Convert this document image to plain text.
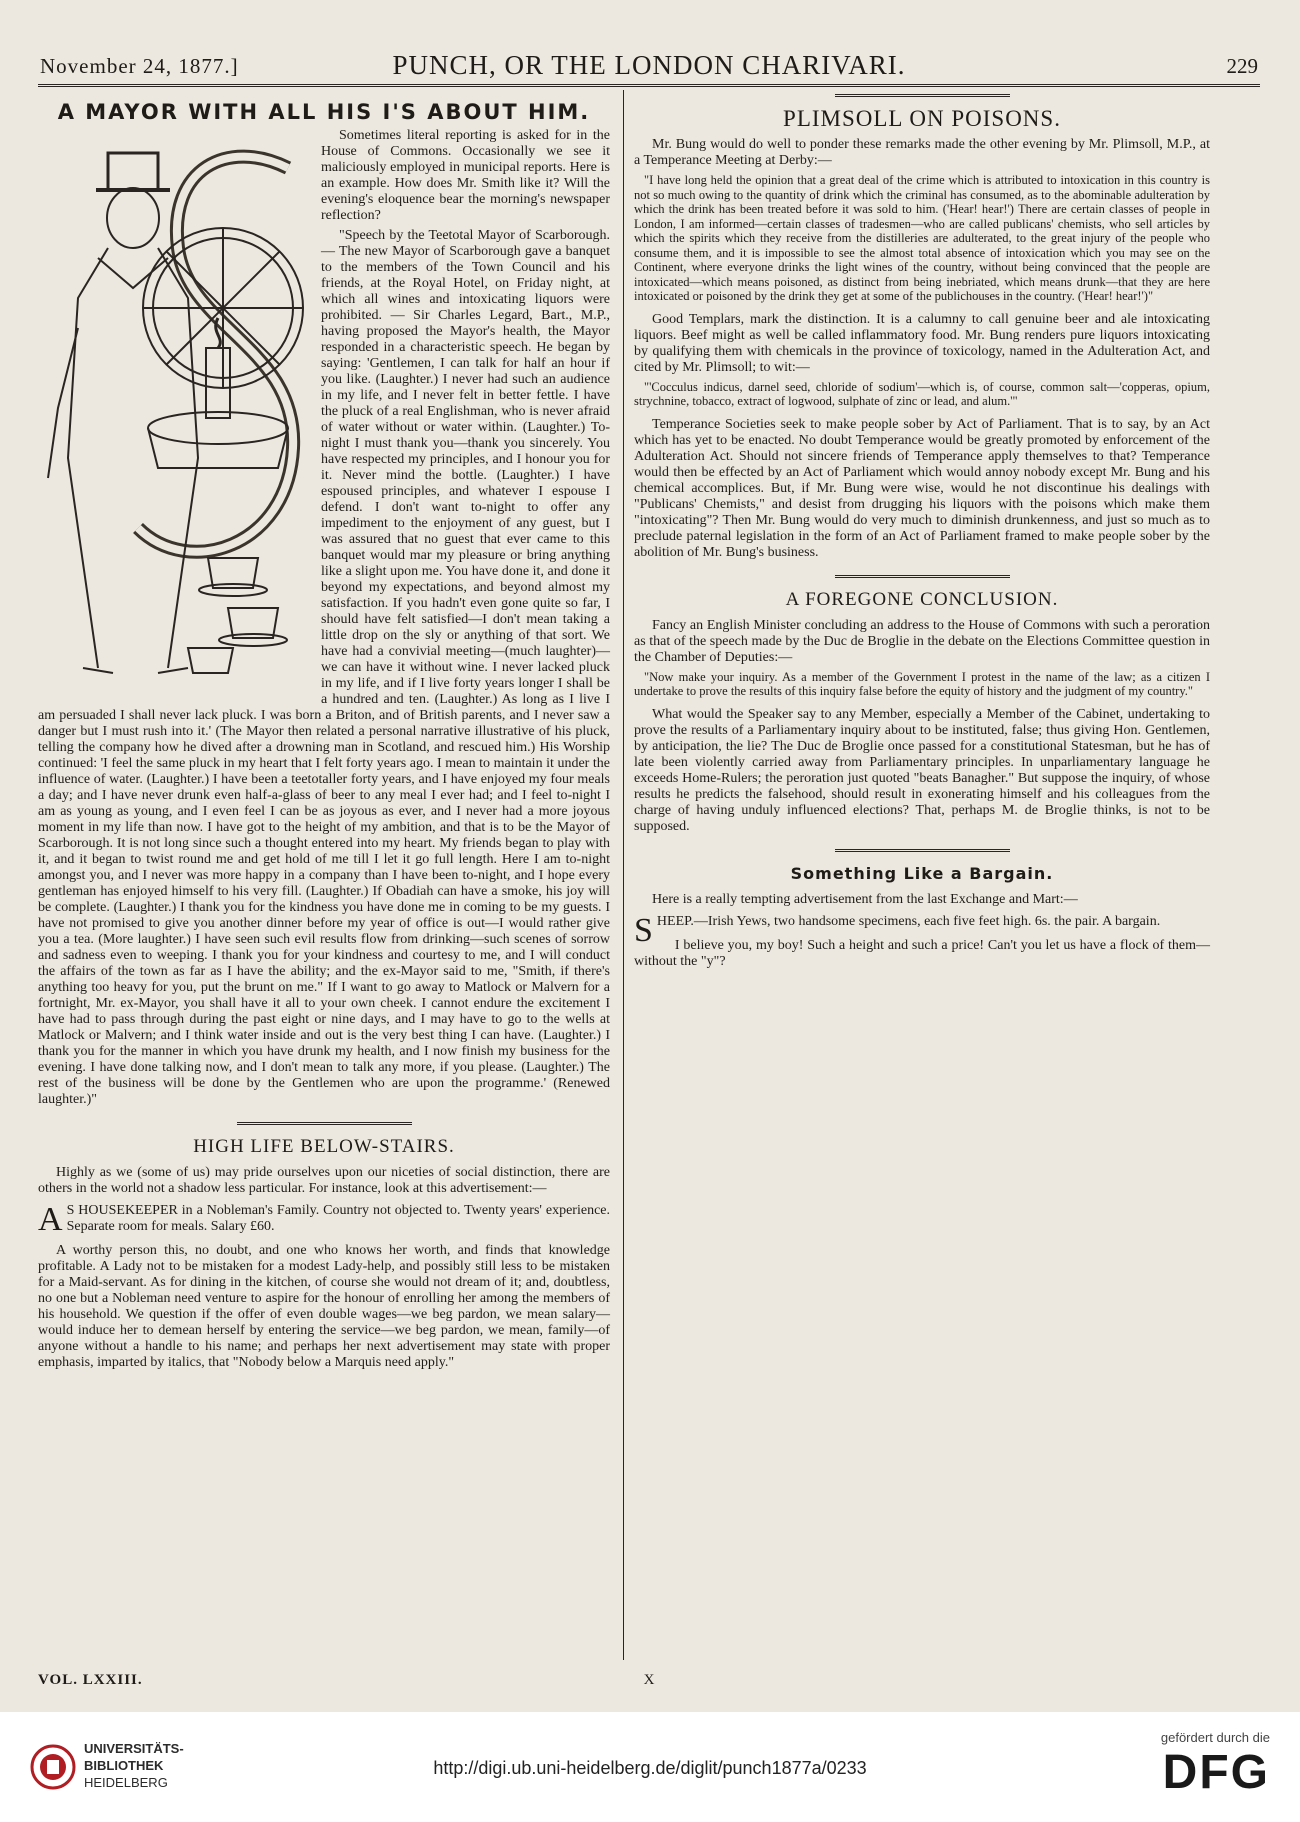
November 24, 1877.]	PUNCH, OR THE LONDON CHARIVARI.	229
A MAYOR WITH ALL HIS I'S ABOUT HIM.

Sometimes literal reporting is asked for in the House of Commons. Occasionally we see it maliciously employed in municipal reports. Here is an example. How does Mr. Smith like it? Will the evening's eloquence bear the morning's newspaper reflection?

"Speech by the Teetotal Mayor of Scarborough. — The new Mayor of Scarborough gave a banquet to the members of the Town Council and his friends, at the Royal Hotel, on Friday night, at which all wines and intoxicating liquors were prohibited. — Sir Charles Legard, Bart., M.P., having proposed the Mayor's health, the Mayor responded in a characteristic speech. He began by saying: 'Gentlemen, I can talk for half an hour if you like. (Laughter.) I never had such an audience in my life, and I never felt in better fettle. I have the pluck of a real Englishman, who is never afraid of water without or water within. (Laughter.) To-night I must thank you—thank you sincerely. You have respected my principles, and I honour you for it. Never mind the bottle. (Laughter.) I have espoused principles, and whatever I espouse I defend. I don't want to-night to offer any impediment to the enjoyment of any guest, but I was assured that no guest that ever came to this banquet would mar my pleasure or bring anything like a slight upon me. You have done it, and done it beyond my expectations, and beyond almost my satisfaction. If you hadn't even gone quite so far, I should have felt satisfied—I don't mean taking a little drop on the sly or anything of that sort. We have had a convivial meeting—(much laughter)—we can have it without wine. I never lacked pluck in my life, and if I live forty years longer I shall be a hundred and ten. (Laughter.) As long as I live I am persuaded I shall never lack pluck. I was born a Briton, and of British parents, and I never saw a danger but I must rush into it.' (The Mayor then related a personal narrative illustrative of his pluck, telling the company how he dived after a drowning man in Scotland, and rescued him.) His Worship continued: 'I feel the same pluck in my heart that I felt forty years ago. I mean to maintain it under the influence of water. (Laughter.) I have been a teetotaller forty years, and I have enjoyed my four meals a day; and I have never drunk even half-a-glass of beer to any meal I ever had; and I feel to-night I am as young as young, and I even feel I can be as joyous as ever, and I never had a more joyous moment in my life than now. I have got to the height of my ambition, and that is to be the Mayor of Scarborough. It is not long since such a thought entered into my heart. My friends began to play with it, and it began to twist round me and get hold of me till I let it go full length. Here I am to-night amongst you, and I never was more happy in a company than I have been to-night, and I hope every gentleman has enjoyed himself to his very fill. (Laughter.) If Obadiah can have a smoke, his joy will be complete. (Laughter.) I thank you for the kindness you have done me in coming to be my guests. I have not promised to give you another dinner before my year of office is out—I would rather give you a tea. (More laughter.) I have seen such evil results flow from drinking—such scenes of sorrow and sadness even to weeping. I thank you for your kindness and courtesy to me, and I will conduct the affairs of the town as far as I have the ability; and the ex-Mayor said to me, "Smith, if there's anything too heavy for you, put the brunt on me." If I want to go away to Matlock or Malvern for a fortnight, Mr. ex-Mayor, you shall have it all to your own cheek. I cannot endure the excitement I have had to pass through during the past eight or nine days, and I may have to go to the wells at Matlock or Malvern; and I think water inside and out is the very best thing I can have. (Laughter.) I thank you for the manner in which you have drunk my health, and I now finish my business for the evening. I have done talking now, and I don't mean to talk any more, if you please. (Laughter.) The rest of the business will be done by the Gentlemen who are upon the programme.' (Renewed laughter.)"

HIGH LIFE BELOW-STAIRS.

Highly as we (some of us) may pride ourselves upon our niceties of social distinction, there are others in the world not a shadow less particular. For instance, look at this advertisement:—

A S HOUSEKEEPER in a Nobleman's Family. Country not objected to. Twenty years' experience. Separate room for meals. Salary £60.

A worthy person this, no doubt, and one who knows her worth, and finds that knowledge profitable. A Lady not to be mistaken for a modest Lady-help, and possibly still less to be mistaken for a Maid-servant. As for dining in the kitchen, of course she would not dream of it; and, doubtless, no one but a Nobleman need venture to aspire for the honour of enrolling her among the members of his household. We question if the offer of even double wages—we beg pardon, we mean salary—would induce her to demean herself by entering the service—we beg pardon, we mean, family—of anyone without a handle to his name; and perhaps her next advertisement may state with proper emphasis, imparted by italics, that "Nobody below a Marquis need apply."

PLIMSOLL ON POISONS.

Mr. Bung would do well to ponder these remarks made the other evening by Mr. Plimsoll, M.P., at a Temperance Meeting at Derby:—

"I have long held the opinion that a great deal of the crime which is attributed to intoxication in this country is not so much owing to the quantity of drink which the criminal has consumed, as to the abominable adulteration by which the drink has been treated before it was sold to him. ('Hear! hear!') There are certain classes of people in London, I am informed—certain classes of tradesmen—who are called publicans' chemists, who sell articles by which the spirits which they receive from the distilleries are adulterated, to the great injury of the people who consume them, and it is impossible to see the almost total absence of intoxication which you may see on the Continent, where everyone drinks the light wines of the country, without being convinced that the people are intoxicated—which means poisoned, as distinct from being inebriated, which means drunk—that they are here intoxicated or poisoned by the drink they get at some of the publichouses in the country. ('Hear! hear!')"

Good Templars, mark the distinction. It is a calumny to call genuine beer and ale intoxicating liquors. Beef might as well be called inflammatory food. Mr. Bung renders pure liquors intoxicating by qualifying them with chemicals in the province of toxicology, named in the Adulteration Act, and cited by Mr. Plimsoll; to wit:—

"'Cocculus indicus, darnel seed, chloride of sodium'—which is, of course, common salt—'copperas, opium, strychnine, tobacco, extract of logwood, sulphate of zinc or lead, and alum.'"

Temperance Societies seek to make people sober by Act of Parliament. That is to say, by an Act which has yet to be enacted. No doubt Temperance would be greatly promoted by enforcement of the Adulteration Act. Should not sincere friends of Temperance apply themselves to that? Temperance would then be effected by an Act of Parliament which would annoy nobody except Mr. Bung and his chemical accomplices. But, if Mr. Bung were wise, would he not discontinue his dealings with "Publicans' Chemists," and desist from drugging his liquors with the poisons which make them "intoxicating"? Then Mr. Bung would do very much to diminish drunkenness, and just so much as to preclude paternal legislation in the form of an Act of Parliament framed to make people sober by the abolition of Mr. Bung's business.

A FOREGONE CONCLUSION.

Fancy an English Minister concluding an address to the House of Commons with such a peroration as that of the speech made by the Duc de Broglie in the debate on the Elections Committee question in the Chamber of Deputies:—

"Now make your inquiry. As a member of the Government I protest in the name of the law; as a citizen I undertake to prove the results of this inquiry false before the equity of history and the judgment of my country."

What would the Speaker say to any Member, especially a Member of the Cabinet, undertaking to prove the results of a Parliamentary inquiry about to be instituted, false; thus giving Hon. Gentlemen, by anticipation, the lie? The Duc de Broglie once passed for a constitutional Statesman, but he has of late been violently carried away from Parliamentary principles. In unparliamentary language he exceeds Home-Rulers; the peroration just quoted "beats Banagher." But suppose the inquiry, of whose results he predicts the falsehood, should result in exonerating himself and his colleagues from the charge of having unduly influenced elections? That, perhaps M. de Broglie thinks, is not to be supposed.

Something Like a Bargain.

Here is a really tempting advertisement from the last Exchange and Mart:—

S HEEP.—Irish Yews, two handsome specimens, each five feet high. 6s. the pair. A bargain.

I believe you, my boy! Such a height and such a price! Can't you let us have a flock of them—without the "y"?

VOL. LXXIII.	X
UNIVERSITÄTS-
BIBLIOTHEK
HEIDELBERG
http://digi.ub.uni-heidelberg.de/diglit/punch1877a/0233
gefördert durch die
DFG
